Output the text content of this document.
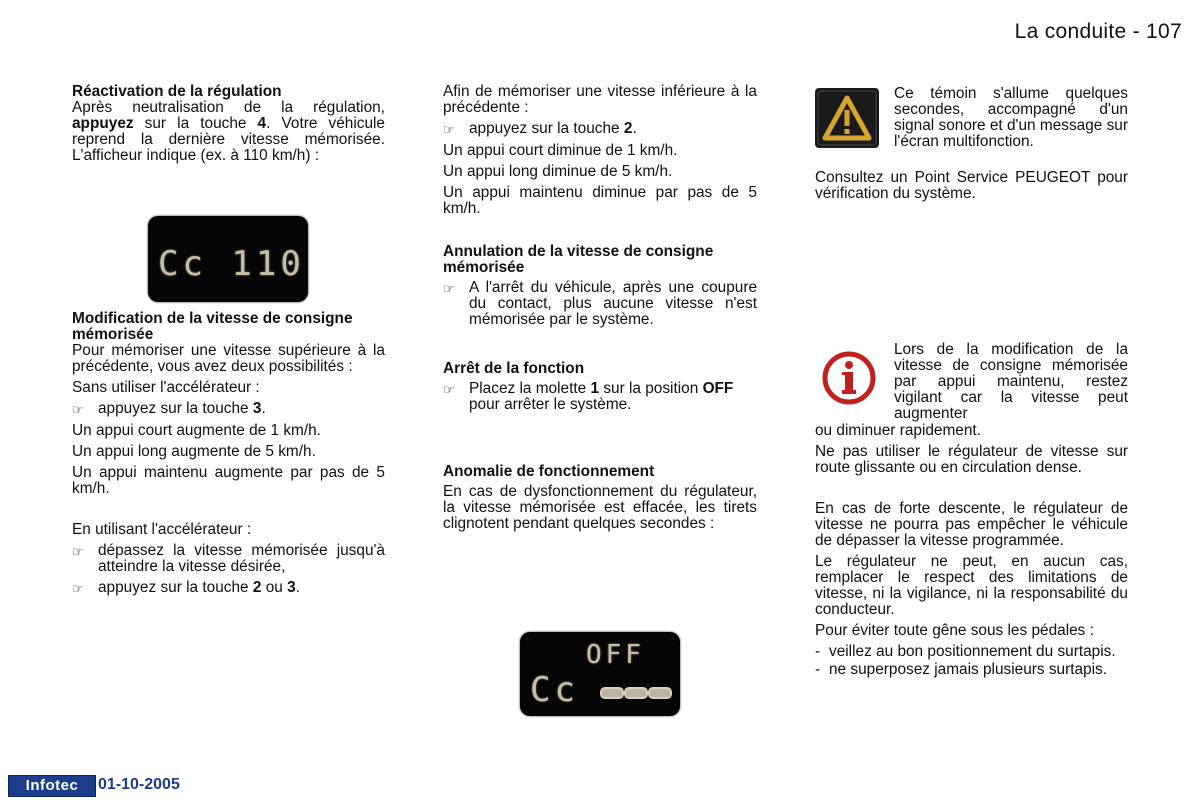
La conduite - 107
Réactivation de la régulation

Après neutralisation de la régulation, appuyez sur la touche 4. Votre véhicule reprend la dernière vitesse mémorisée. L'afficheur indique (ex. à 110 km/h) :

Modification de la vitesse de consigne mémorisée

Pour mémoriser une vitesse supérieure à la précédente, vous avez deux possibilités :

Sans utiliser l'accélérateur :

☞ appuyez sur la touche 3.

Un appui court augmente de 1 km/h.

Un appui long augmente de 5 km/h.

Un appui maintenu augmente par pas de 5 km/h.

En utilisant l'accélérateur :

☞ dépassez la vitesse mémorisée jusqu'à atteindre la vitesse désirée,
☞ appuyez sur la touche 2 ou 3.
Cc 110

Afin de mémoriser une vitesse inférieure à la précédente :

☞ appuyez sur la touche 2.

Un appui court diminue de 1 km/h.

Un appui long diminue de 5 km/h.

Un appui maintenu diminue par pas de 5 km/h.

Annulation de la vitesse de consigne mémorisée
☞ A l'arrêt du véhicule, après une coupure du contact, plus aucune vitesse n'est mémorisée par le système.
Arrêt de la fonction
☞ Placez la molette 1 sur la position OFF pour arrêter le système.
Anomalie de fonctionnement

En cas de dysfonctionnement du régulateur, la vitesse mémorisée est effacée, les tirets clignotent pendant quelques secondes :

OFF
Cc
Ce témoin s'allume quelques secondes, accompagné d'un signal sonore et d'un message sur l'écran multifonction.

Consultez un Point Service PEUGEOT pour vérification du système.

Lors de la modification de la vitesse de consigne mémorisée par appui maintenu, restez vigilant car la vitesse peut augmenter

ou diminuer rapidement.

Ne pas utiliser le régulateur de vitesse sur route glissante ou en circulation dense.

En cas de forte descente, le régulateur de vitesse ne pourra pas empêcher le véhicule de dépasser la vitesse programmée.

Le régulateur ne peut, en aucun cas, remplacer le respect des limitations de vitesse, ni la vigilance, ni la responsabilité du conducteur.

Pour éviter toute gêne sous les pédales :

- veillez au bon positionnement du surtapis.
- ne superposez jamais plusieurs surtapis.
Infotec	01-10-2005
